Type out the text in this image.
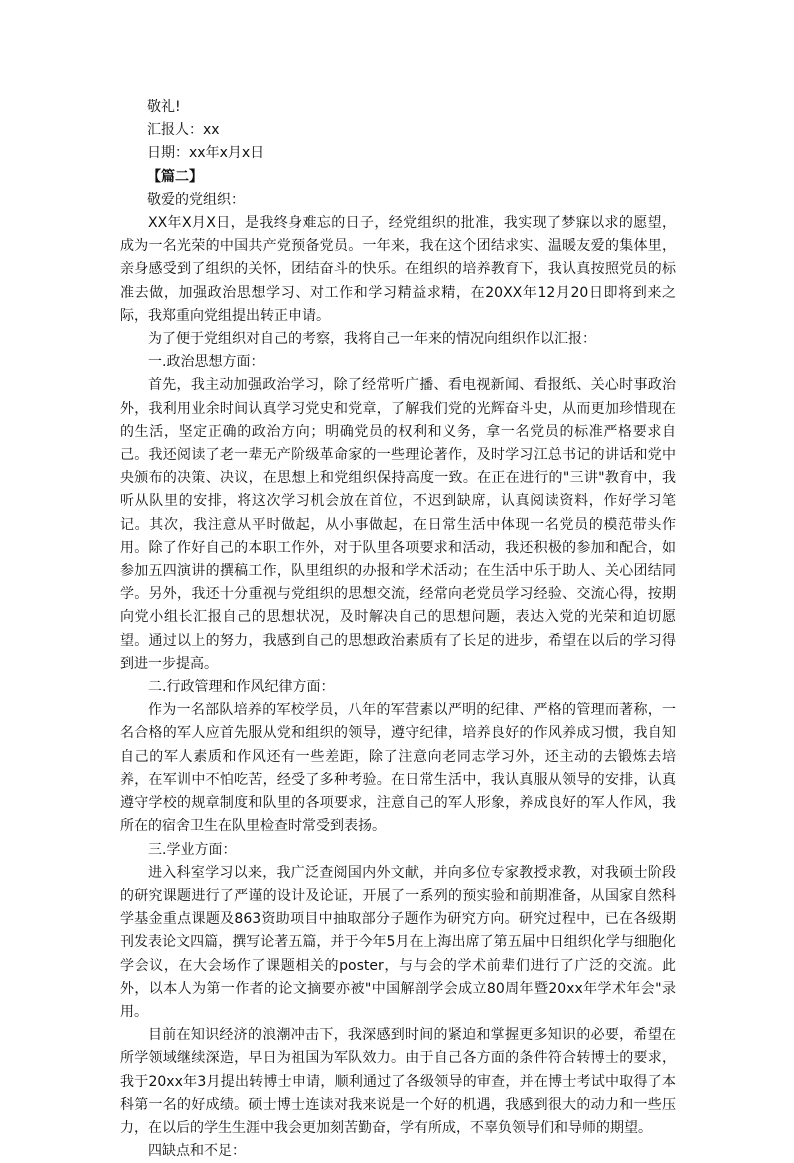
敬礼!

汇报人：xx

日期：xx年x月x日

【篇二】

敬爱的党组织：

XX年X月X日，是我终身难忘的日子，经党组织的批准，我实现了梦寐以求的愿望，成为一名光荣的中国共产党预备党员。一年来，我在这个团结求实、温暖友爱的集体里，亲身感受到了组织的关怀，团结奋斗的快乐。在组织的培养教育下，我认真按照党员的标准去做，加强政治思想学习、对工作和学习精益求精，在20XX年12月20日即将到来之际，我郑重向党组提出转正申请。

为了便于党组织对自己的考察，我将自己一年来的情况向组织作以汇报：

一.政治思想方面：

首先，我主动加强政治学习，除了经常听广播、看电视新闻、看报纸、关心时事政治外，我利用业余时间认真学习党史和党章，了解我们党的光辉奋斗史，从而更加珍惜现在的生活，坚定正确的政治方向；明确党员的权利和义务，拿一名党员的标准严格要求自己。我还阅读了老一辈无产阶级革命家的一些理论著作，及时学习江总书记的讲话和党中央颁布的决策、决议，在思想上和党组织保持高度一致。在正在进行的"三讲"教育中，我听从队里的安排，将这次学习机会放在首位，不迟到缺席，认真阅读资料，作好学习笔记。其次，我注意从平时做起，从小事做起，在日常生活中体现一名党员的模范带头作用。除了作好自己的本职工作外，对于队里各项要求和活动，我还积极的参加和配合，如参加五四演讲的撰稿工作，队里组织的办报和学术活动；在生活中乐于助人、关心团结同学。另外，我还十分重视与党组织的思想交流，经常向老党员学习经验、交流心得，按期向党小组长汇报自己的思想状况，及时解决自己的思想问题，表达入党的光荣和迫切愿望。通过以上的努力，我感到自己的思想政治素质有了长足的进步，希望在以后的学习得到进一步提高。

二.行政管理和作风纪律方面：

作为一名部队培养的军校学员，八年的军营素以严明的纪律、严格的管理而著称，一名合格的军人应首先服从党和组织的领导，遵守纪律，培养良好的作风养成习惯，我自知自己的军人素质和作风还有一些差距，除了注意向老同志学习外，还主动的去锻炼去培养，在军训中不怕吃苦，经受了多种考验。在日常生活中，我认真服从领导的安排，认真遵守学校的规章制度和队里的各项要求，注意自己的军人形象，养成良好的军人作风，我所在的宿舍卫生在队里检查时常受到表扬。

三.学业方面：

进入科室学习以来，我广泛查阅国内外文献，并向多位专家教授求教，对我硕士阶段的研究课题进行了严谨的设计及论证，开展了一系列的预实验和前期准备，从国家自然科学基金重点课题及863资助项目中抽取部分子题作为研究方向。研究过程中，已在各级期刊发表论文四篇，撰写论著五篇，并于今年5月在上海出席了第五届中日组织化学与细胞化学会议，在大会场作了课题相关的poster，与与会的学术前辈们进行了广泛的交流。此外，以本人为第一作者的论文摘要亦被"中国解剖学会成立80周年暨20xx年学术年会"录用。

目前在知识经济的浪潮冲击下，我深感到时间的紧迫和掌握更多知识的必要，希望在所学领域继续深造，早日为祖国为军队效力。由于自己各方面的条件符合转博士的要求，我于20xx年3月提出转博士申请，顺利通过了各级领导的审查，并在博士考试中取得了本科第一名的好成绩。硕士博士连读对我来说是一个好的机遇，我感到很大的动力和一些压力，在以后的学生生涯中我会更加刻苦勤奋，学有所成，不辜负领导们和导师的期望。

四缺点和不足：
